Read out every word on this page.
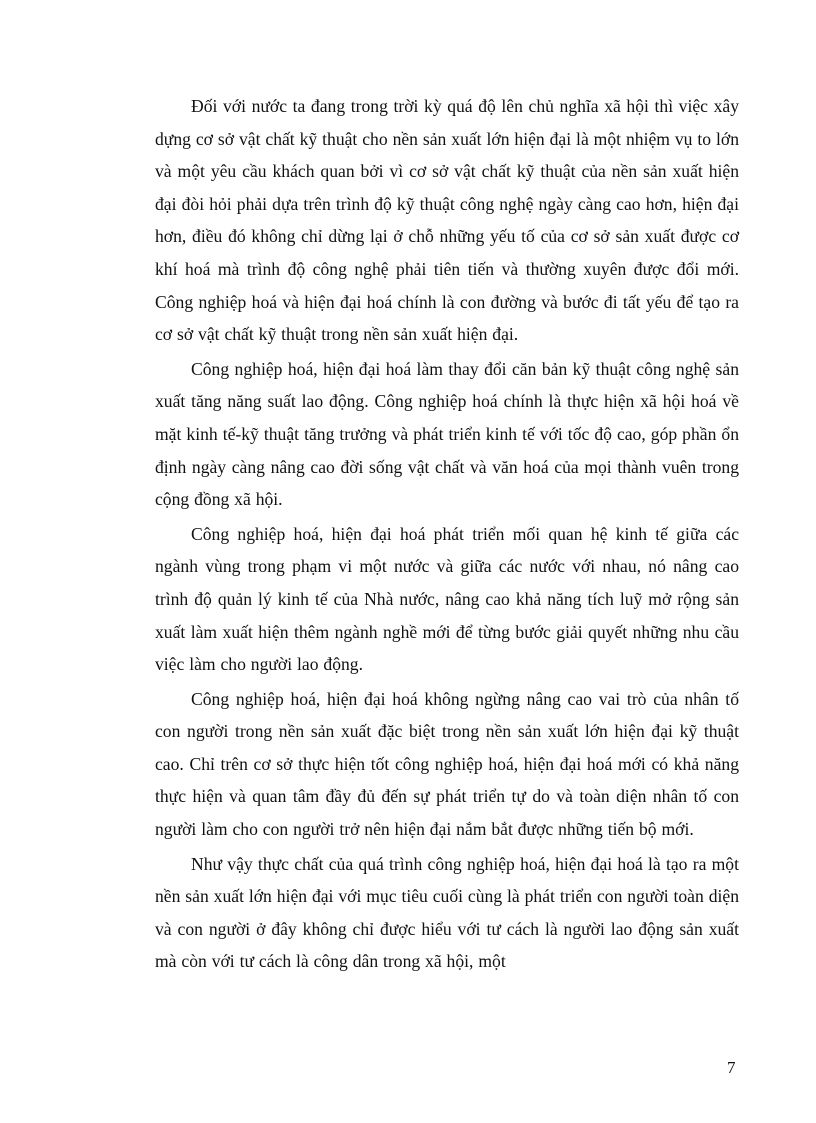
Đối với nước ta đang trong trời kỳ quá độ lên chủ nghĩa xã hội thì việc xây dựng cơ sở vật chất kỹ thuật cho nền sản xuất lớn hiện đại là một nhiệm vụ to lớn và một yêu cầu khách quan bởi vì cơ sở vật chất kỹ thuật của nền sản xuất hiện đại đòi hỏi phải dựa trên trình độ kỹ thuật công nghệ ngày càng cao hơn, hiện đại hơn, điều đó không chỉ dừng lại ở chỗ những yếu tố của cơ sở sản xuất được cơ khí hoá mà trình độ công nghệ phải tiên tiến và thường xuyên được đổi mới. Công nghiệp hoá và hiện đại hoá chính là con đường và bước đi tất yếu để tạo ra cơ sở vật chất kỹ thuật trong nền sản xuất hiện đại.

Công nghiệp hoá, hiện đại hoá làm thay đổi căn bản kỹ thuật công nghệ sản xuất tăng năng suất lao động. Công nghiệp hoá chính là thực hiện xã hội hoá về mặt kinh tế-kỹ thuật tăng trưởng và phát triển kinh tế với tốc độ cao, góp phần ổn định ngày càng nâng cao đời sống vật chất và văn hoá của mọi thành vuên trong cộng đồng xã hội.

Công nghiệp hoá, hiện đại hoá phát triển mối quan hệ kinh tế giữa các ngành vùng trong phạm vi một nước và giữa các nước với nhau, nó nâng cao trình độ quản lý kinh tế của Nhà nước, nâng cao khả năng tích luỹ mở rộng sản xuất làm xuất hiện thêm ngành nghề mới để từng bước giải quyết những nhu cầu việc làm cho người lao động.

Công nghiệp hoá, hiện đại hoá không ngừng nâng cao vai trò của nhân tố con người trong nền sản xuất đặc biệt trong nền sản xuất lớn hiện đại kỹ thuật cao. Chỉ trên cơ sở thực hiện tốt công nghiệp hoá, hiện đại hoá mới có khả năng thực hiện và quan tâm đầy đủ đến sự phát triển tự do và toàn diện nhân tố con người làm cho con người trở nên hiện đại nắm bắt được những tiến bộ mới.

Như vậy thực chất của quá trình công nghiệp hoá, hiện đại hoá là tạo ra một nền sản xuất lớn hiện đại với mục tiêu cuối cùng là phát triển con người toàn diện và con người ở đây không chỉ được hiểu với tư cách là người lao động sản xuất mà còn với tư cách là công dân trong xã hội, một

7
